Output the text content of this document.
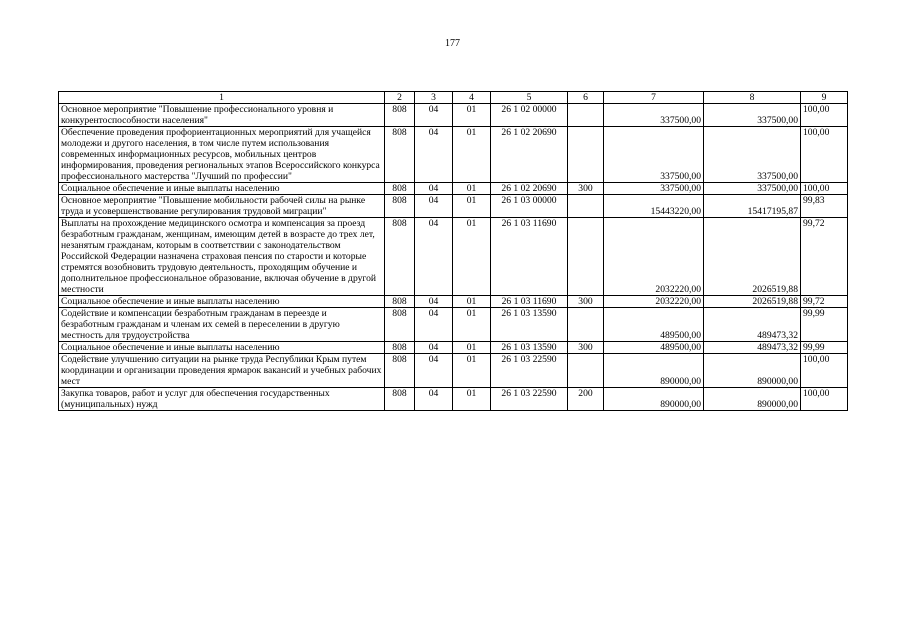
177
1	2	3	4	5	6	7	8	9
Основное мероприятие "Повышение профессионального уровня и конкурентоспособности населения"	808	04	01	26 1 02 00000		337500,00	337500,00	100,00
Обеспечение проведения профориентационных мероприятий для учащейся молодежи и другого населения, в том числе путем использования современных информационных ресурсов, мобильных центров информирования, проведения региональных этапов Всероссийского конкурса профессионального мастерства "Лучший по профессии"	808	04	01	26 1 02 20690		337500,00	337500,00	100,00
Социальное обеспечение и иные выплаты населению	808	04	01	26 1 02 20690	300	337500,00	337500,00	100,00
Основное мероприятие "Повышение мобильности рабочей силы на рынке труда и усовершенствование регулирования трудовой миграции"	808	04	01	26 1 03 00000		15443220,00	15417195,87	99,83
Выплаты на прохождение медицинского осмотра и компенсация за проезд безработным гражданам, женщинам, имеющим детей в возрасте до трех лет, незанятым гражданам, которым в соответствии с законодательством Российской Федерации назначена страховая пенсия по старости и которые стремятся возобновить трудовую деятельность, проходящим обучение и дополнительное профессиональное образование, включая обучение в другой местности	808	04	01	26 1 03 11690		2032220,00	2026519,88	99,72
Социальное обеспечение и иные выплаты населению	808	04	01	26 1 03 11690	300	2032220,00	2026519,88	99,72
Содействие и компенсации безработным гражданам в переезде и безработным гражданам и членам их семей в переселении в другую местность для трудоустройства	808	04	01	26 1 03 13590		489500,00	489473,32	99,99
Социальное обеспечение и иные выплаты населению	808	04	01	26 1 03 13590	300	489500,00	489473,32	99,99
Содействие улучшению ситуации на рынке труда Республики Крым путем координации и организации проведения ярмарок вакансий и учебных рабочих мест	808	04	01	26 1 03 22590		890000,00	890000,00	100,00
Закупка товаров, работ и услуг для обеспечения государственных (муниципальных) нужд	808	04	01	26 1 03 22590	200	890000,00	890000,00	100,00
